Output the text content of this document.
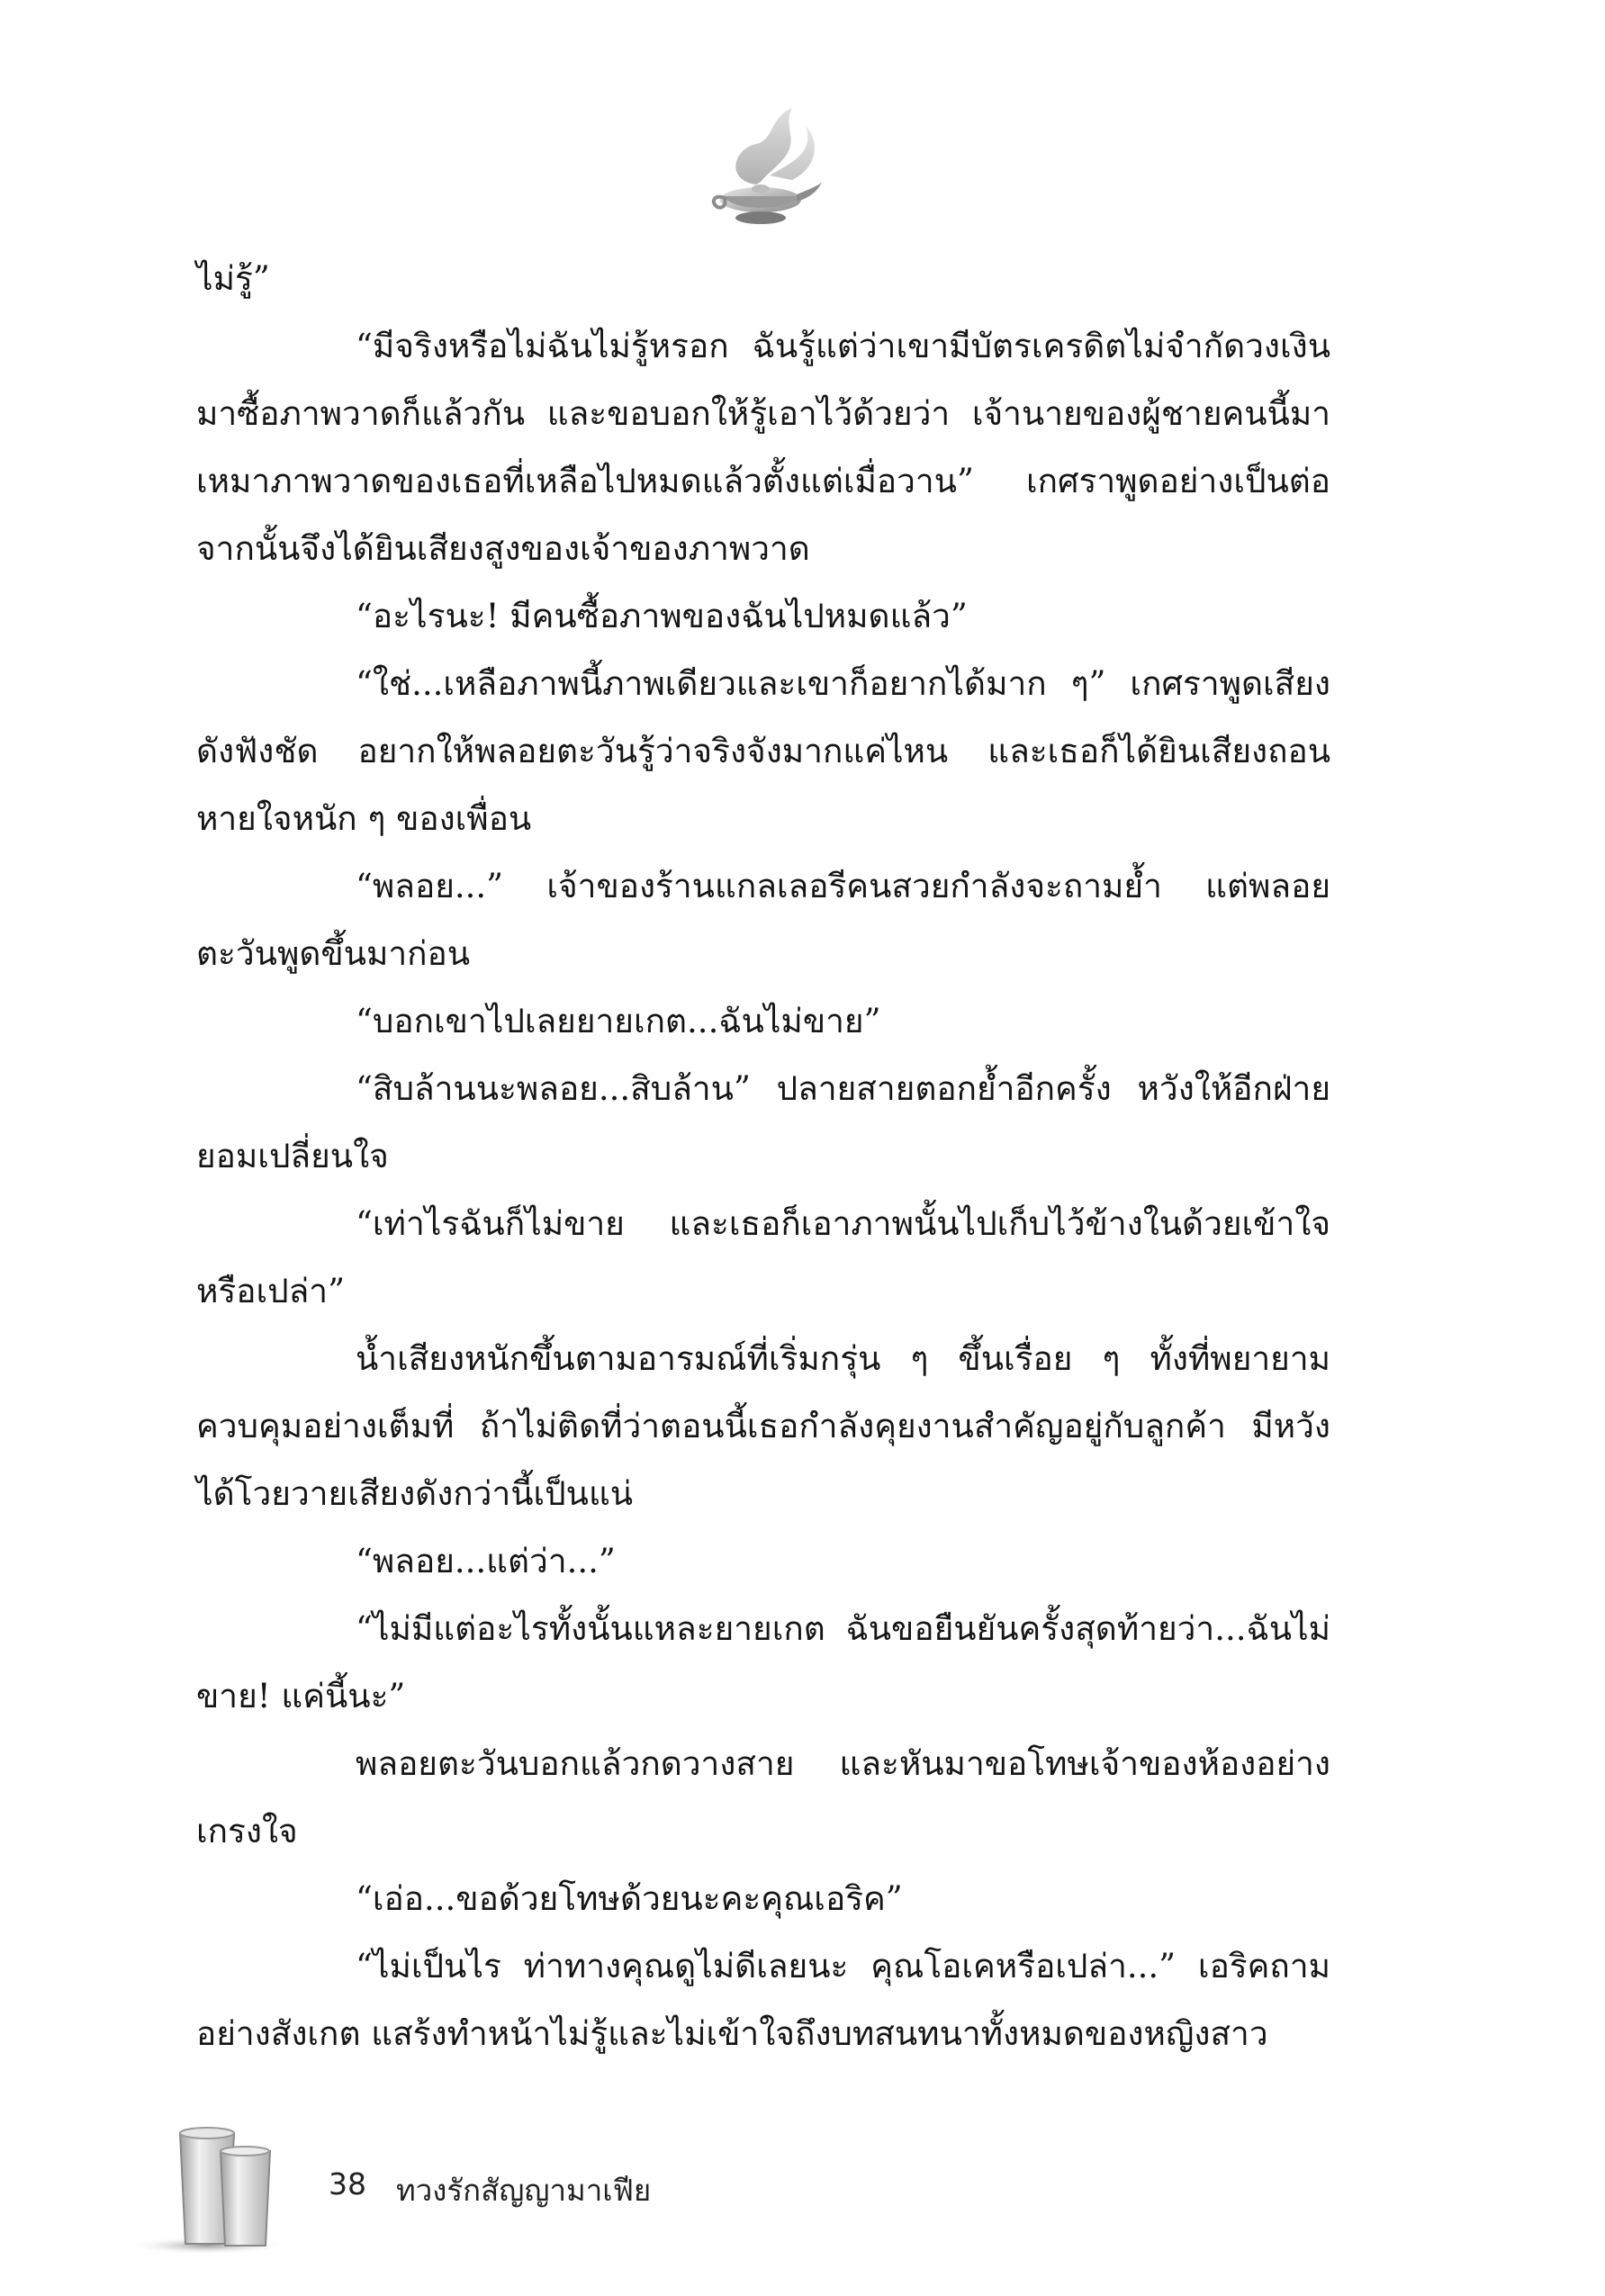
ไม่รู้”

“มีจริงหรือไม่ฉันไม่รู้หรอก ฉันรู้แต่ว่าเขามีบัตรเครดิตไม่จำกัดวงเงินมาซื้อภาพวาดก็แล้วกัน และขอบอกให้รู้เอาไว้ด้วยว่า เจ้านายของผู้ชายคนนี้มาเหมาภาพวาดของเธอที่เหลือไปหมดแล้วตั้งแต่เมื่อวาน” เกศราพูดอย่างเป็นต่อ จากนั้นจึงได้ยินเสียงสูงของเจ้าของภาพวาด

“อะไรนะ! มีคนซื้อภาพของฉันไปหมดแล้ว”

“ใช่...เหลือภาพนี้ภาพเดียวและเขาก็อยากได้มาก ๆ” เกศราพูดเสียงดังฟังชัด อยากให้พลอยตะวันรู้ว่าจริงจังมากแค่ไหน และเธอก็ได้ยินเสียงถอนหายใจหนัก ๆ ของเพื่อน

“พลอย...” เจ้าของร้านแกลเลอรีคนสวยกำลังจะถามย้ำ แต่พลอยตะวันพูดขึ้นมาก่อน

“บอกเขาไปเลยยายเกต...ฉันไม่ขาย”

“สิบล้านนะพลอย...สิบล้าน” ปลายสายตอกย้ำอีกครั้ง หวังให้อีกฝ่ายยอมเปลี่ยนใจ

“เท่าไรฉันก็ไม่ขาย และเธอก็เอาภาพนั้นไปเก็บไว้ข้างในด้วยเข้าใจหรือเปล่า”

น้ำเสียงหนักขึ้นตามอารมณ์ที่เริ่มกรุ่น ๆ ขึ้นเรื่อย ๆ ทั้งที่พยายามควบคุมอย่างเต็มที่ ถ้าไม่ติดที่ว่าตอนนี้เธอกำลังคุยงานสำคัญอยู่กับลูกค้า มีหวังได้โวยวายเสียงดังกว่านี้เป็นแน่

“พลอย...แต่ว่า...”

“ไม่มีแต่อะไรทั้งนั้นแหละยายเกต ฉันขอยืนยันครั้งสุดท้ายว่า...ฉันไม่ขาย! แค่นี้นะ”

พลอยตะวันบอกแล้วกดวางสาย และหันมาขอโทษเจ้าของห้องอย่างเกรงใจ

“เอ่อ...ขอด้วยโทษด้วยนะคะคุณเอริค”

“ไม่เป็นไร ท่าทางคุณดูไม่ดีเลยนะ คุณโอเคหรือเปล่า...” เอริคถามอย่างสังเกต แสร้งทำหน้าไม่รู้และไม่เข้าใจถึงบทสนทนาทั้งหมดของหญิงสาว

38 ทวงรักสัญญามาเฟีย
